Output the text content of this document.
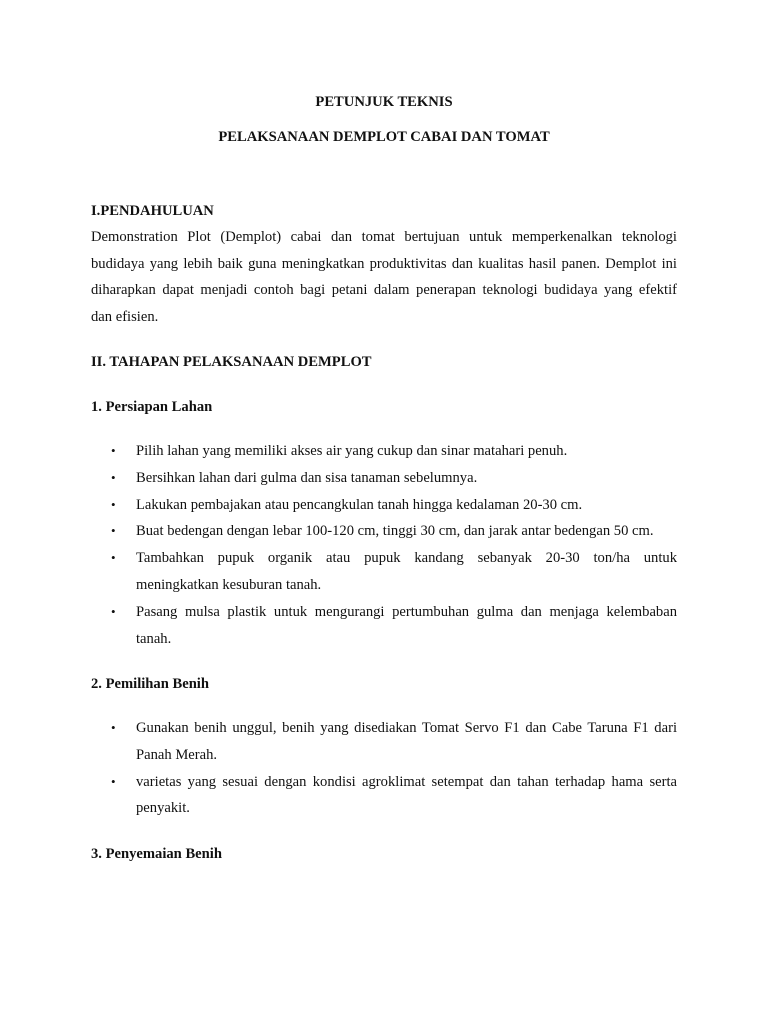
PETUNJUK TEKNIS

PELAKSANAAN DEMPLOT CABAI DAN TOMAT

I.PENDAHULUAN

Demonstration Plot (Demplot) cabai dan tomat bertujuan untuk memperkenalkan teknologi
budidaya yang lebih baik guna meningkatkan produktivitas dan kualitas hasil panen. Demplot ini
diharapkan dapat menjadi contoh bagi petani dalam penerapan teknologi budidaya yang efektif
dan efisien.

II. TAHAPAN PELAKSANAAN DEMPLOT

1. Persiapan Lahan

• Pilih lahan yang memiliki akses air yang cukup dan sinar matahari penuh.
• Bersihkan lahan dari gulma dan sisa tanaman sebelumnya.
• Lakukan pembajakan atau pencangkulan tanah hingga kedalaman 20-30 cm.
• Buat bedengan dengan lebar 100-120 cm, tinggi 30 cm, dan jarak antar bedengan 50 cm.
• Tambahkan pupuk organik atau pupuk kandang sebanyak 20-30 ton/ha untuk
meningkatkan kesuburan tanah.
• Pasang mulsa plastik untuk mengurangi pertumbuhan gulma dan menjaga kelembaban
tanah.

2. Pemilihan Benih

• Gunakan benih unggul, benih yang disediakan Tomat Servo F1 dan Cabe Taruna F1 dari
Panah Merah.
• varietas yang sesuai dengan kondisi agroklimat setempat dan tahan terhadap hama serta
penyakit.

3. Penyemaian Benih
